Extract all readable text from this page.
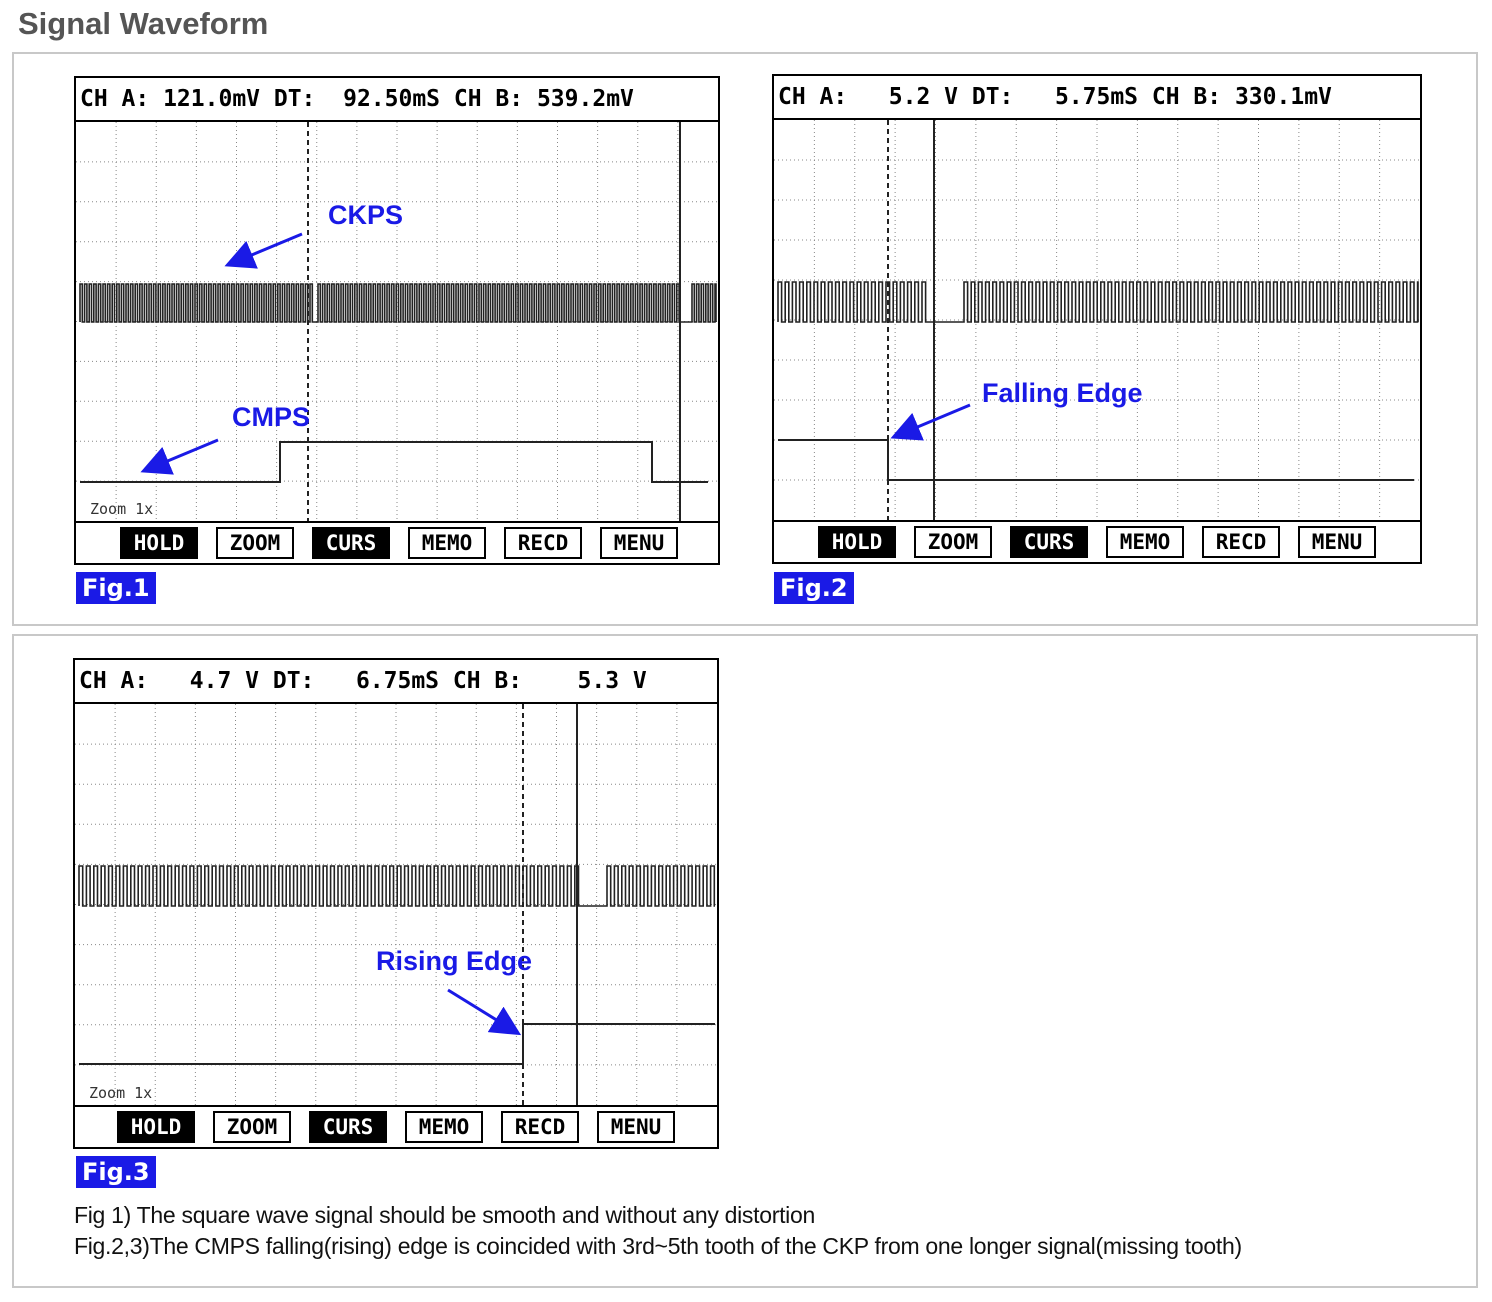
Signal Waveform
CH A: 121.0mV DT:  92.50mS CH B: 539.2mV
Zoom 1x
HOLD	ZOOM	CURS	MEMO	RECD	MENU
CH A:   5.2 V DT:   5.75mS CH B: 330.1mV
HOLD	ZOOM	CURS	MEMO	RECD	MENU
CH A:   4.7 V DT:   6.75mS CH B:    5.3 V
Zoom 1x
HOLD	ZOOM	CURS	MEMO	RECD	MENU
CKPS
CMPS
Falling Edge
Rising Edge
Fig.1	Fig.2
Fig.3
Fig 1) The square wave signal should be smooth and without any distortion
Fig.2,3)The CMPS falling(rising) edge is coincided with 3rd~5th tooth of the CKP from one longer signal(missing tooth)
